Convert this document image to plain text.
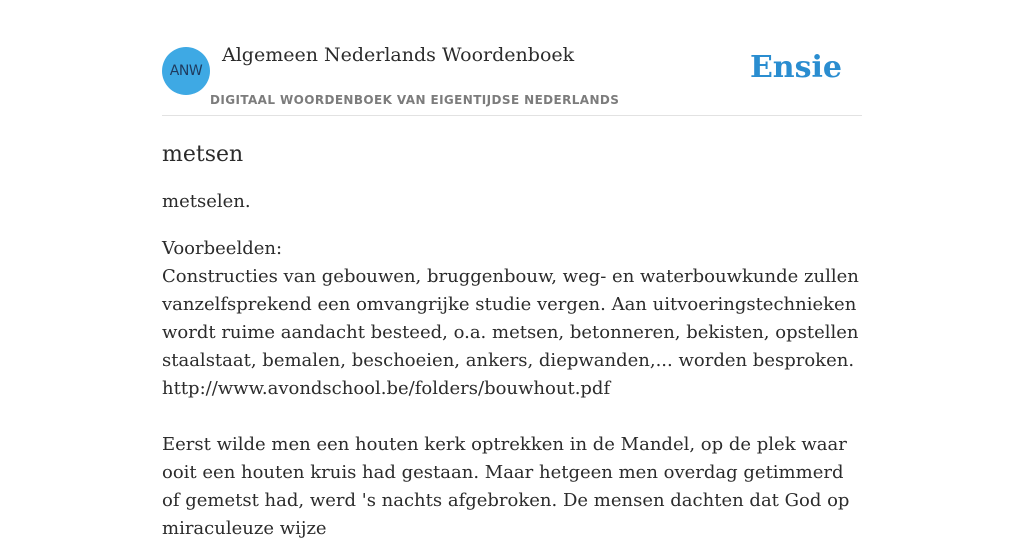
ANW
Algemeen Nederlands Woordenboek
DIGITAAL WOORDENBOEK VAN EIGENTIJDSE NEDERLANDS
Ensie
metsen

metselen.

Voorbeelden:

Constructies van gebouwen, bruggenbouw, weg- en waterbouwkunde zullen vanzelfsprekend een omvangrijke studie vergen. Aan uitvoeringstechnieken wordt ruime aandacht besteed, o.a. metsen, betonneren, bekisten, opstellen staalstaat, bemalen, beschoeien, ankers, diepwanden,... worden besproken. http://www.avondschool.be/folders/bouwhout.pdf

Eerst wilde men een houten kerk optrekken in de Mandel, op de plek waar ooit een houten kruis had gestaan. Maar hetgeen men overdag getimmerd of gemetst had, werd 's nachts afgebroken. De mensen dachten dat God op miraculeuze wijze
